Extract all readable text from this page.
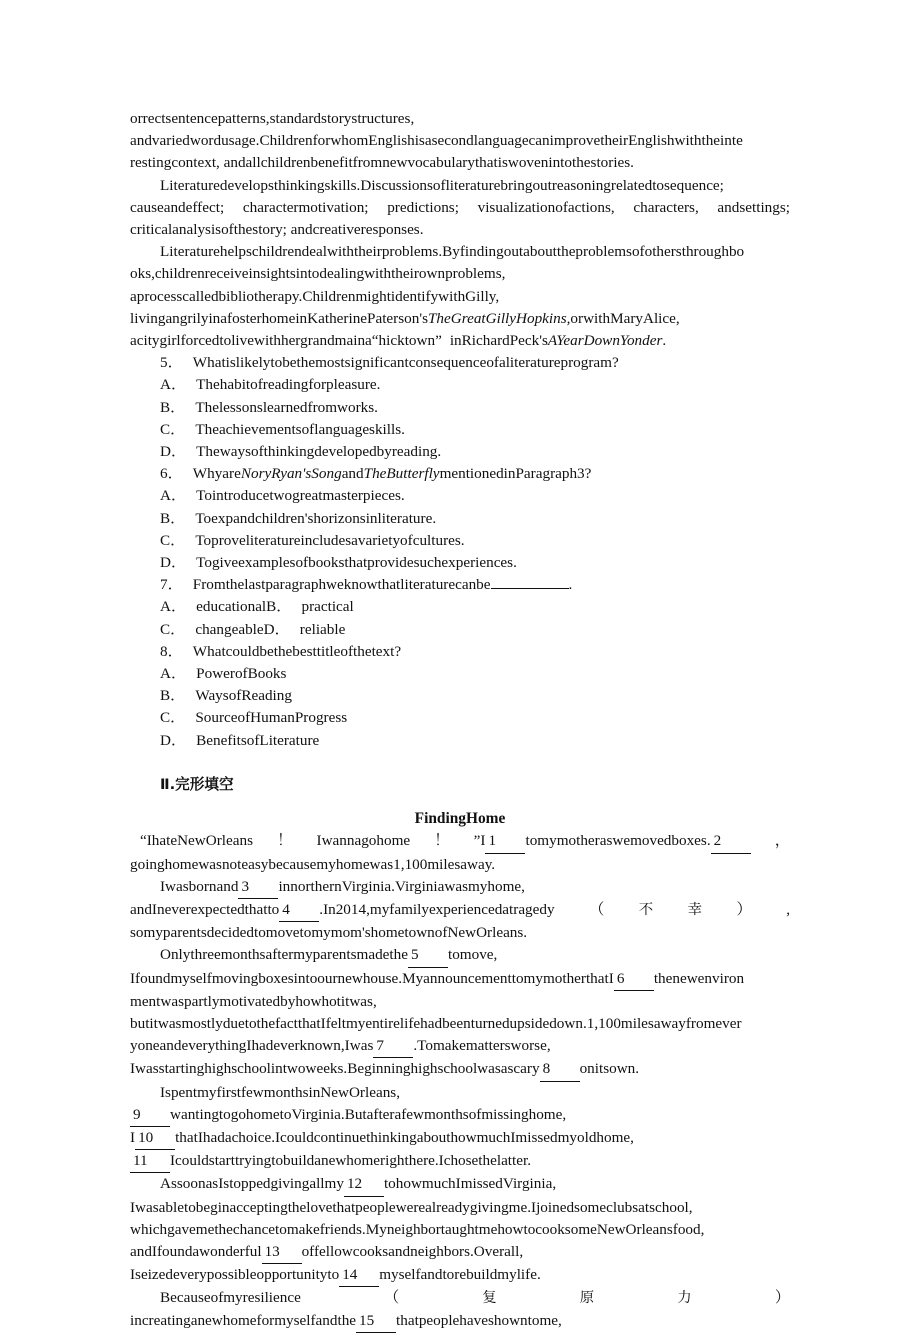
orrectsentencepatterns,standardstorystructures,
andvariedwordusage.ChildrenforwhomEnglishisasecondlanguagecanimprovetheirEnglishwiththeinte
restingcontext, andallchildrenbenefitfromnewvocabularythatiswovenintothestories.
Literaturedevelopsthinkingskills.Discussionsofliteraturebringoutreasoningrelatedtosequence;
causeandeffect; charactermotivation; predictions; visualizationofactions, characters, andsettings;
criticalanalysisofthestory; andcreativeresponses.
Literaturehelpschildrendealwiththeirproblems.Byfindingoutabouttheproblemsofothersthroughbo
oks,childrenreceiveinsightsintodealingwiththeirownproblems,
aprocesscalledbibliotherapy.ChildrenmightidentifywithGilly,
livingangrilyinafosterhomeinKatherinePaterson'sTheGreatGillyHopkins,orwithMaryAlice,
acitygirlforcedtolivewithhergrandmaina“hicktown” inRichardPeck'sAYearDownYonder.
5． Whatislikelytobethemostsignificantconsequenceofaliteratureprogram?
A． Thehabitofreadingforpleasure.
B． Thelessonslearnedfromworks.
C． Theachievementsoflanguageskills.
D． Thewaysofthinkingdevelopedbyreading.
6． WhyareNoryRyan'sSongandTheButterflymentionedinParagraph3?
A． Tointroducetwogreatmasterpieces.
B． Toexpandchildren'shorizonsinliterature.
C． Toproveliteratureincludesavarietyofcultures.
D． Togiveexamplesofbooksthatprovidesuchexperiences.
7． Fromthelastparagraphweknowthatliteraturecanbe	.
A． educationalB． practical
C． changeableD． reliable
8． Whatcouldbethebesttitleofthetext?
A． PowerofBooks
B． WaysofReading
C． SourceofHumanProgress
D． BenefitsofLiterature
Ⅱ.完形填空
FindingHome
“IhateNewOrleans！Iwannagohome！”I 1 tomymotheraswemovedboxes. 2 ，
goinghomewasnoteasybecausemyhomewas1,100milesaway.
Iwasbornand 3 innorthernVirginia.Virginiawasmyhome,
andIneverexpectedthatto 4 .In2014,myfamilyexperiencedatragedy（不幸）,
somyparentsdecidedtomovetomymom'shometownofNewOrleans.
Onlythreemonthsaftermyparentsmadethe 5 tomove,
Ifoundmyselfmovingboxesintoournewhouse.MyannouncementtomymotherthatI 6 thenewenviron
mentwaspartlymotivatedbyhowhotitwas,
butitwasmostlyduetothefactthatIfeltmyentirelifehadbeenturnedupsidedown.1,100milesawayfromever
yoneandeverythingIhadeverknown,Iwas 7 .Tomakemattersworse,
Iwasstartinghighschoolintwoweeks.Beginninghighschoolwasascary 8 onitsown.
IspentmyfirstfewmonthsinNewOrleans,
9 wantingtogohometoVirginia.Butafterafewmonthsofmissinghome,
I 10 thatIhadachoice.IcouldcontinuethinkingabouthowmuchImissedmyoldhome,
11 Icouldstarttryingtobuildanewhomerighthere.Ichosethelatter.
AssoonasIstoppedgivingallmy 12 tohowmuchImissedVirginia,
Iwasabletobeginacceptingthelovethatpeoplewerealreadygivingme.Ijoinedsomeclubsatschool,
whichgavemethechancetomakefriends.MyneighbortaughtmehowtocooksomeNewOrleansfood,
andIfoundawonderful 13 offellowcooksandneighbors.Overall,
Iseizedeverypossibleopportunityto 14 myselfandtorebuildmylife.
Becauseofmyresilience（复原力）
increatinganewhomeformyselfandthe 15 thatpeoplehaveshowntome,
